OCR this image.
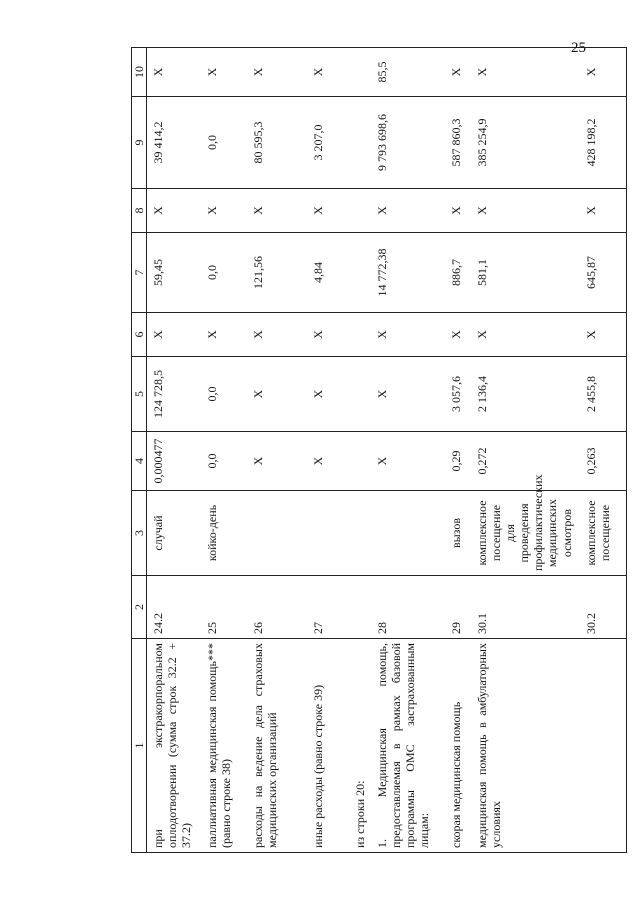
25
1	2	3	4	5	6	7	8	9	10
при экстракорпоральном оплодотворении (сумма строк 32.2 + 37.2)	24.2	случай	0,000477	124 728,5	X	59,45	X	39 414,2	X
паллиативная медицинская помощь*** (равно строке 38)	25	койко-день	0,0	0,0	X	0,0	X	0,0	X
расходы на ведение дела страховых медицинских организаций	26		X	X	X	121,56	X	80 595,3	X
иные расходы (равно строке 39)	27		X	X	X	4,84	X	3 207,0	X
из строки 20:									
1. Медицинская помощь, предоставляемая в рамках базовой программы ОМС застрахованным лицам:	28		X	X	X	14 772,38	X	9 793 698,6	85,5
скорая медицинская помощь	29	вызов	0,29	3 057,6	X	886,7	X	587 860,3	X
медицинская помощь в амбулаторных условиях	30.1	комплексное посещение для проведения профилактических медицинских осмотров	0,272	2 136,4	X	581,1	X	385 254,9	X
	30.2	комплексное посещение	0,263	2 455,8	X	645,87	X	428 198,2	X
